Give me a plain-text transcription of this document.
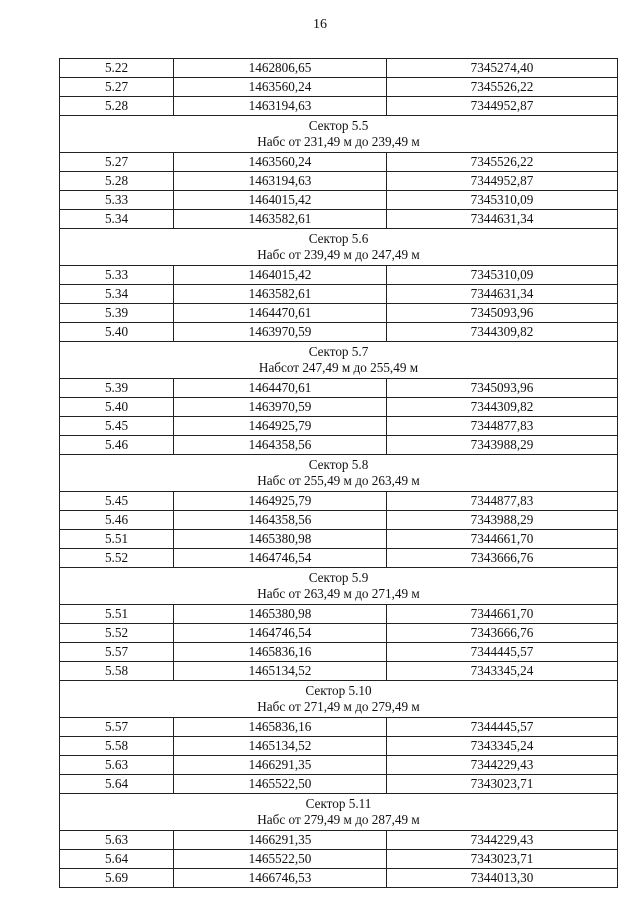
16
5.22	1462806,65	7345274,40
5.27	1463560,24	7345526,22
5.28	1463194,63	7344952,87

Сектор 5.5
Набс от 231,49 м до 239,49 м		

5.27	1463560,24	7345526,22
5.28	1463194,63	7344952,87
5.33	1464015,42	7345310,09
5.34	1463582,61	7344631,34

Сектор 5.6
Набс от 239,49 м до 247,49 м		

5.33	1464015,42	7345310,09
5.34	1463582,61	7344631,34
5.39	1464470,61	7345093,96
5.40	1463970,59	7344309,82

Сектор 5.7
Набсот 247,49 м до 255,49 м		

5.39	1464470,61	7345093,96
5.40	1463970,59	7344309,82
5.45	1464925,79	7344877,83
5.46	1464358,56	7343988,29

Сектор 5.8
Набс от 255,49 м до 263,49 м		

5.45	1464925,79	7344877,83
5.46	1464358,56	7343988,29
5.51	1465380,98	7344661,70
5.52	1464746,54	7343666,76

Сектор 5.9
Набс от 263,49 м до 271,49 м		

5.51	1465380,98	7344661,70
5.52	1464746,54	7343666,76
5.57	1465836,16	7344445,57
5.58	1465134,52	7343345,24

Сектор 5.10
Набс от 271,49 м до 279,49 м		

5.57	1465836,16	7344445,57
5.58	1465134,52	7343345,24
5.63	1466291,35	7344229,43
5.64	1465522,50	7343023,71

Сектор 5.11
Набс от 279,49 м до 287,49 м		

5.63	1466291,35	7344229,43
5.64	1465522,50	7343023,71
5.69	1466746,53	7344013,30
